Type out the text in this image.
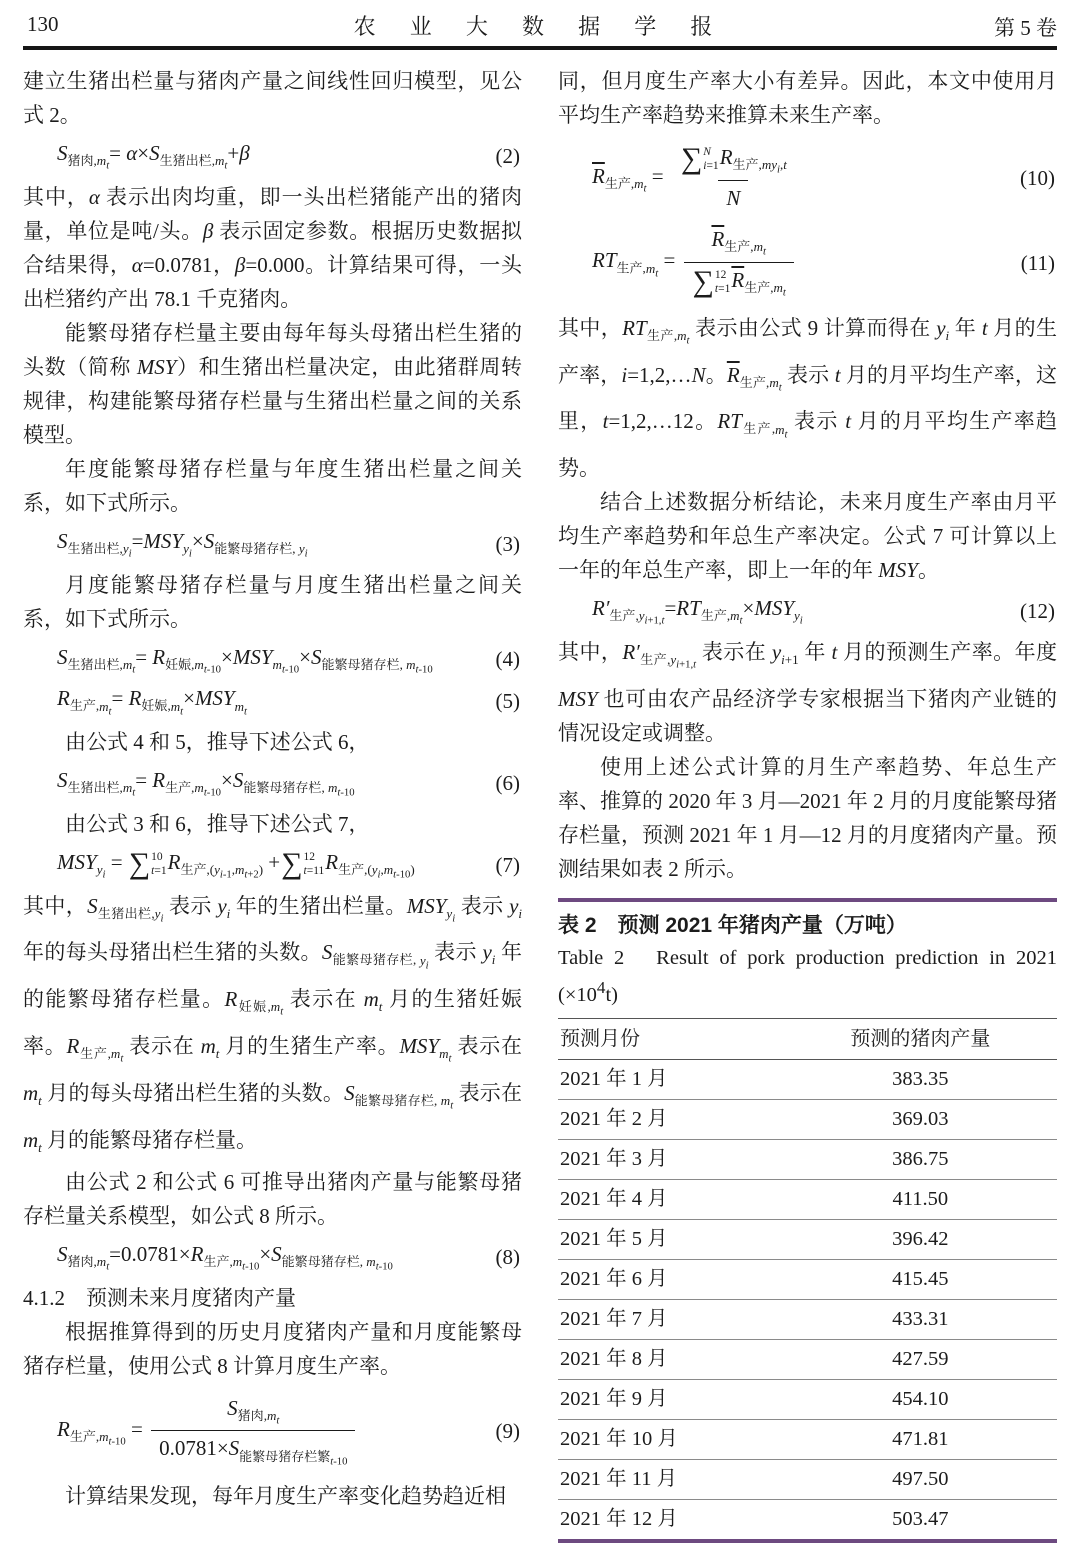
130	农 业 大 数 据 学 报	第 5 卷

建立生猪出栏量与猪肉产量之间线性回归模型，见公式 2。

$S_{猪肉,m_t}= \alpha\times S_{生猪出栏,m_t}+\beta$	(2)

其中，α 表示出肉均重，即一头出栏猪能产出的猪肉量，单位是吨/头。β 表示固定参数。根据历史数据拟合结果得，α=0.0781，β=0.000。计算结果可得，一头出栏猪约产出 78.1 千克猪肉。

能繁母猪存栏量主要由每年每头母猪出栏生猪的头数（简称 MSY）和生猪出栏量决定，由此猪群周转规律，构建能繁母猪存栏量与生猪出栏量之间的关系模型。

年度能繁母猪存栏量与年度生猪出栏量之间关系，如下式所示。

$S_{生猪出栏,y_i}=MSY_{y_i}\times S_{能繁母猪存栏, y_i}$	(3)

月度能繁母猪存栏量与月度生猪出栏量之间关系，如下式所示。

$S_{生猪出栏,m_t}= R_{妊娠,m_{t-10}}\times MSY_{m_{t-10}}\times S_{能繁母猪存栏, m_{t-10}}$	(4)
$R_{生产,m_t}= R_{妊娠,m_t}\times MSY_{m_t}$	(5)

由公式 4 和 5，推导下述公式 6，

$S_{生猪出栏,m_t}= R_{生产,m_{t-10}}\times S_{能繁母猪存栏, m_{t-10}}$	(6)

由公式 3 和 6，推导下述公式 7，

$MSY_{y_i}$ = ∑ 10
t=1 $R_{生产,(y_{i-1},m_{t+2})}$ + ∑ 12
t=11 $R_{生产,(y_i,m_{t-10})}$	(7)

其中，$S_{生猪出栏,y_i}$ 表示 $y_i$ 年的生猪出栏量。$MSY_{y_i}$ 表示 $y_i$ 年的每头母猪出栏生猪的头数。$S_{能繁母猪存栏, y_i}$ 表示 $y_i$ 年的能繁母猪存栏量。$R_{妊娠,m_t}$ 表示在 $m_t$ 月的生猪妊娠率。$R_{生产,m_t}$ 表示在 $m_t$ 月的生猪生产率。$MSY_{m_t}$ 表示在 $m_t$ 月的每头母猪出栏生猪的头数。$S_{能繁母猪存栏, m_t}$ 表示在 $m_t$ 月的能繁母猪存栏量。

由公式 2 和公式 6 可推导出猪肉产量与能繁母猪存栏量关系模型，如公式 8 所示。

$S_{猪肉,m_t}=0.0781\times R_{生产,m_{t-10}}\times S_{能繁母猪存栏, m_{t-10}}$	(8)

4.1.2　预测未来月度猪肉产量

根据推算得到的历史月度猪肉产量和月度能繁母猪存栏量，使用公式 8 计算月度生产率。

$R_{生产,m_{t-10}} = \frac{S_{猪肉,m_t}}{0.0781\times S_{能繁母猪存栏繁_{t-10}}}$	(9)

计算结果发现，每年月度生产率变化趋势趋近相

同，但月度生产率大小有差异。因此，本文中使用月平均生产率趋势来推算未来生产率。

$\overline{R}_{生产,m_t}$ = ∑ N
i=1 $R_{生产,my_i,t}$
N	(10)
$RT_{生产,m_t} = \overline{R}_{生产,m_t}$
∑ 12
t=1 $\overline{R}_{生产,m_t}$	(11)

其中，$RT_{生产,m_t}$ 表示由公式 9 计算而得在 $y_i$ 年 t 月的生产率，i=1,2,…N。$\overline{R}_{生产,m_t}$ 表示 t 月的月平均生产率，这里，t=1,2,…12。$RT_{生产,m_t}$ 表示 t 月的月平均生产率趋势。

结合上述数据分析结论，未来月度生产率由月平均生产率趋势和年总生产率决定。公式 7 可计算以上一年的年总生产率，即上一年的年 MSY。

$R'_{生产,y_{i+1,t}}=RT_{生产,m_t}\times MSY_{y_i}$	(12)

其中，$R'_{生产,y_{i+1,t}}$ 表示在 $y_{i+1}$ 年 t 月的预测生产率。年度 MSY 也可由农产品经济学专家根据当下猪肉产业链的情况设定或调整。

使用上述公式计算的月生产率趋势、年总生产率、推算的 2020 年 3 月—2021 年 2 月的月度能繁母猪存栏量，预测 2021 年 1 月—12 月的月度猪肉产量。预测结果如表 2 所示。

表 2　预测 2021 年猪肉产量（万吨）
Table 2　Result of pork production prediction in 2021 $(\times 10^4t)$
预测月份	预测的猪肉产量
2021 年 1 月	383.35
2021 年 2 月	369.03
2021 年 3 月	386.75
2021 年 4 月	411.50
2021 年 5 月	396.42
2021 年 6 月	415.45
2021 年 7 月	433.31
2021 年 8 月	427.59
2021 年 9 月	454.10
2021 年 10 月	471.81
2021 年 11 月	497.50
2021 年 12 月	503.47
